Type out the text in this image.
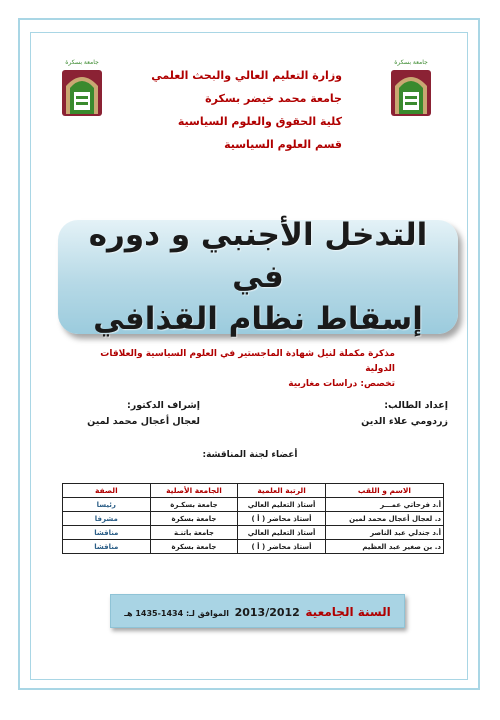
جامعة بسكرة	جامعة بسكرة
وزارة التعليم العالي والبحث العلمي
جامعة محمد خيضر بسكرة
كلية الحقوق والعلوم السياسية
قسم العلوم السياسية
التدخل الأجنبي و دوره في
إسقاط نظام القذافي
مذكرة مكملة لنيل شهادة الماجستير في العلوم السياسية والعلاقات الدولية
تخصص: دراسات مغاربية
إعداد الطالب:
زردومي علاء الدين
إشراف الدكتور:
لعجال أعجال محمد لمين
أعضاء لجنة المناقشة:
الاسم و اللقب	الرتبة العلمية	الجامعة الأصلية	الصفة
أ.د فرحاتي عمـــر	أستاذ التعليم العالي	جامعة بسكـرة	رئيسا
د. لعجال أعجال محمد لمين	أستاذ محاضر ( أ )	جامعة بسكرة	مشرفا
أ.د جندلي عبد الناصر	أستاذ التعليم العالي	جامعة باتنـة	مناقشا
د. بن صغير عبد العظيم	أستاذ محاضر ( أ )	جامعة بسكرة	مناقشا
السنة الجامعية 2013/2012 الموافق لـ: 1434-1435 هـ
